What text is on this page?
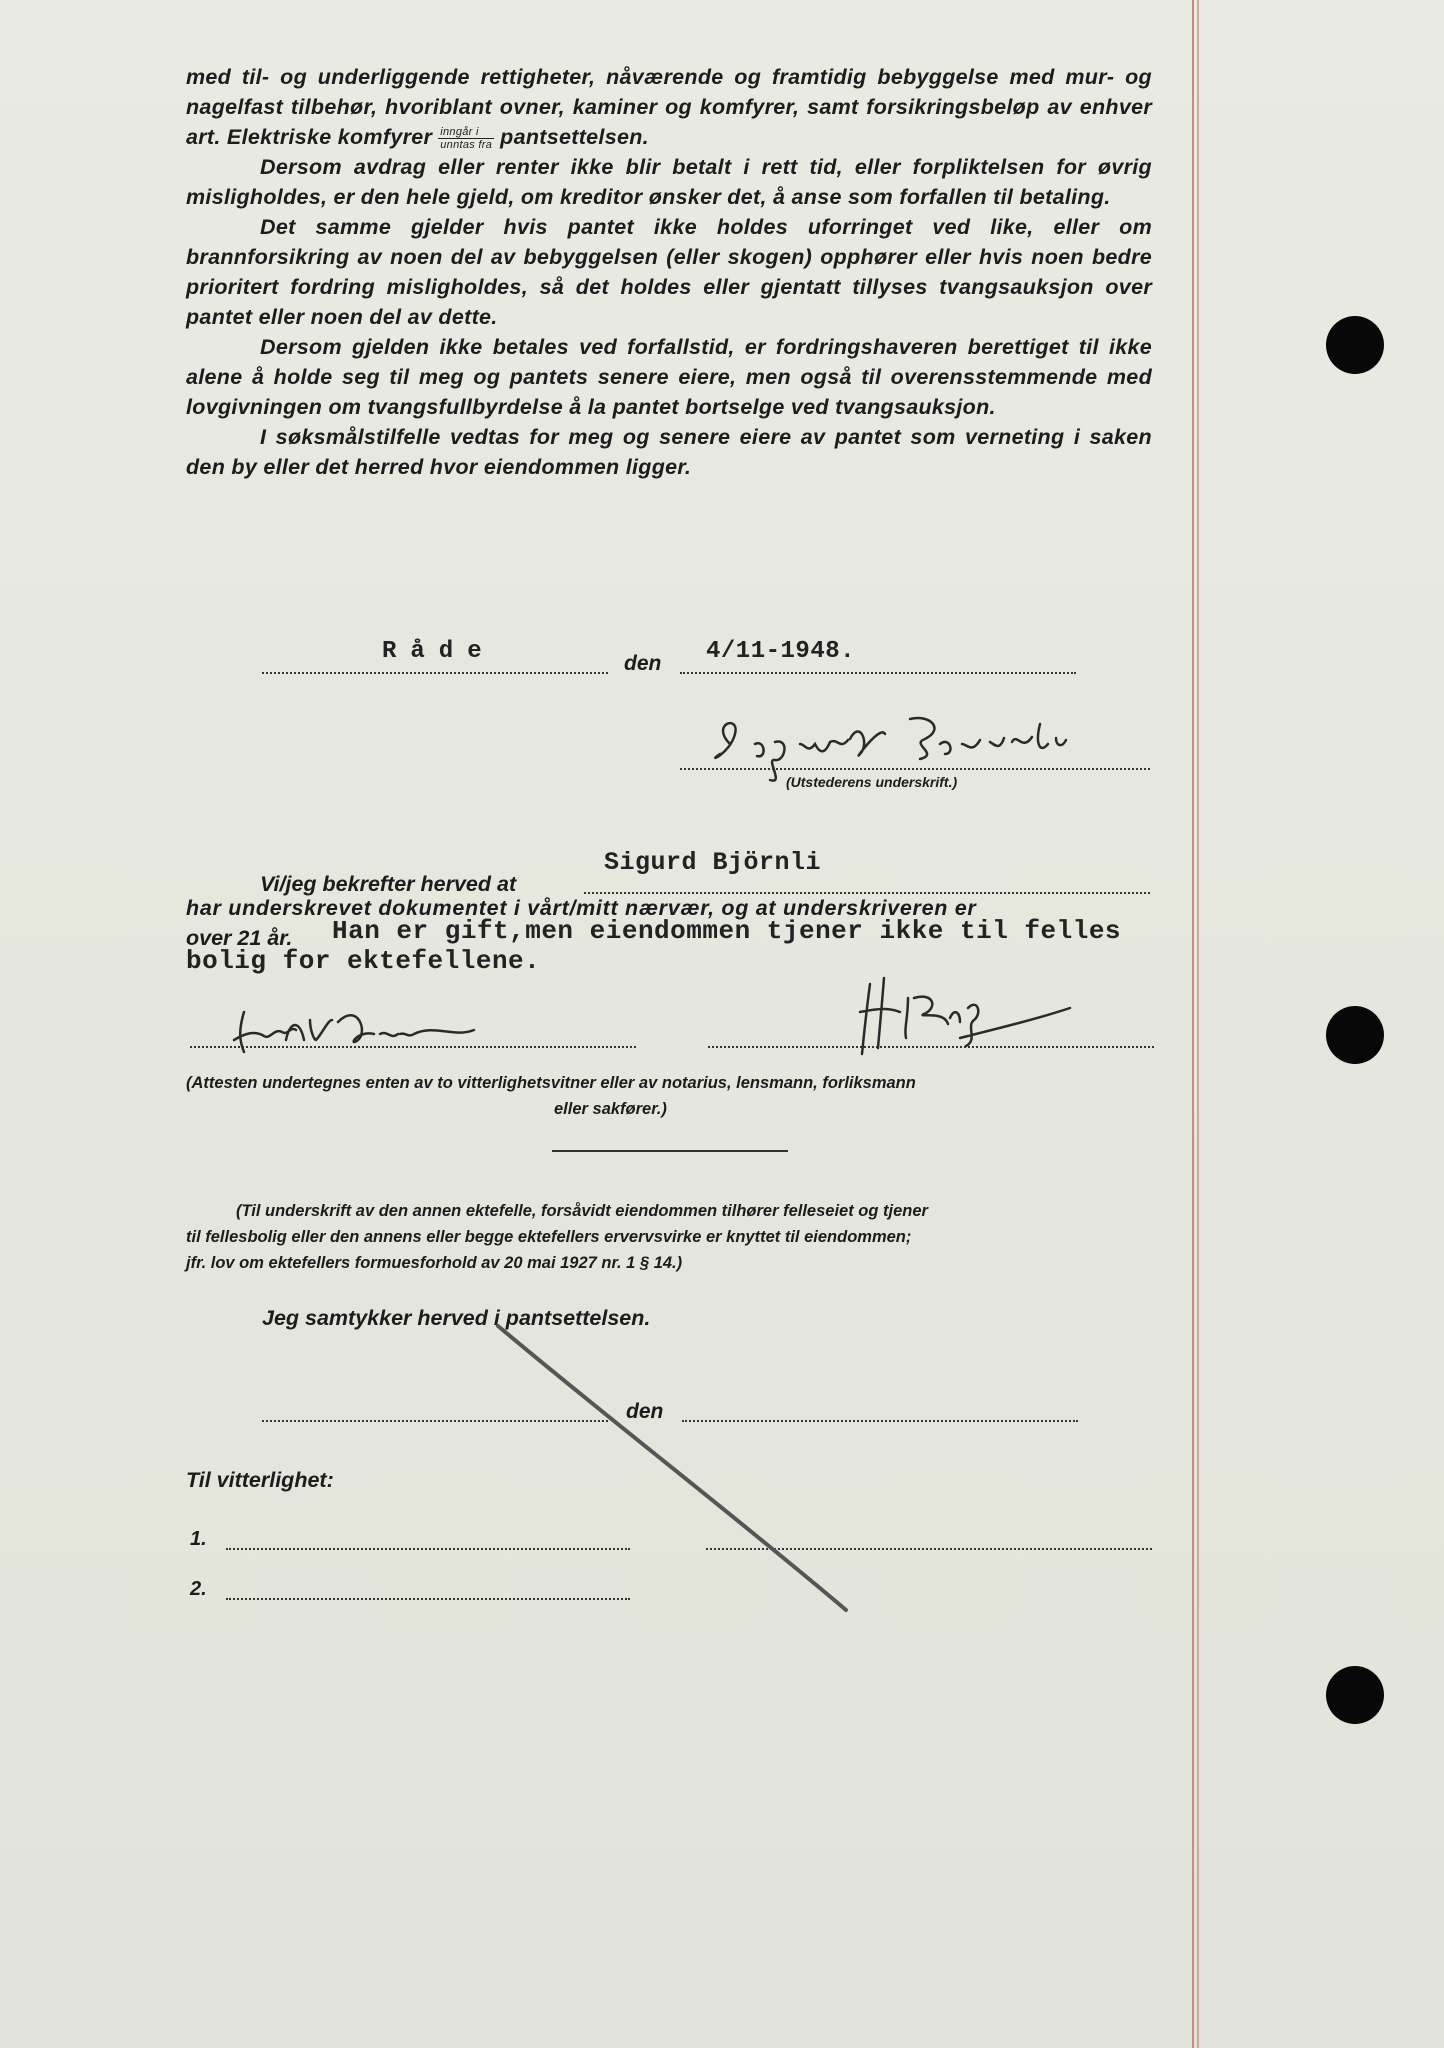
med til- og underliggende rettigheter, nåværende og framtidig bebyggelse med mur- og nagelfast tilbehør, hvoriblant ovner, kaminer og komfyrer, samt forsikringsbeløp av enhver art. Elektriske komfyrer $\frac{\text{inngår i}}{\text{unntas fra}}$ pantsettelsen.

Dersom avdrag eller renter ikke blir betalt i rett tid, eller forpliktelsen for øvrig misligholdes, er den hele gjeld, om kreditor ønsker det, å anse som forfallen til betaling.

Det samme gjelder hvis pantet ikke holdes uforringet ved like, eller om brannforsikring av noen del av bebyggelsen (eller skogen) opphører eller hvis noen bedre prioritert fordring misligholdes, så det holdes eller gjentatt tillyses tvangsauksjon over pantet eller noen del av dette.

Dersom gjelden ikke betales ved forfallstid, er fordringshaveren berettiget til ikke alene å holde seg til meg og pantets senere eiere, men også til overensstemmende med lovgivningen om tvangsfullbyrdelse å la pantet bortselge ved tvangsauksjon.

I søksmålstilfelle vedtas for meg og senere eiere av pantet som verneting i saken den by eller det herred hvor eiendommen ligger.

Råde	den 4/11-1948.
Sigurd Bjørnli
(Utstederens underskrift.)
Vi/jeg bekrefter herved at
Sigurd Björnli
har underskrevet dokumentet i vårt/mitt nærvær, og at underskriveren er
over 21 år. Han er gift,men eiendommen tjener ikke til felles
bolig for ektefellene.
(Attesten undertegnes enten av to vitterlighetsvitner eller av notarius, lensmann, forliksmann
eller sakfører.)
(Til underskrift av den annen ektefelle, forsåvidt eiendommen tilhører felleseiet og tjener
til fellesbolig eller den annens eller begge ektefellers ervervsvirke er knyttet til eiendommen;
jfr. lov om ektefellers formuesforhold av 20 mai 1927 nr. 1 § 14.)
Jeg samtykker herved i pantsettelsen.
den
Til vitterlighet:
1.
2.
